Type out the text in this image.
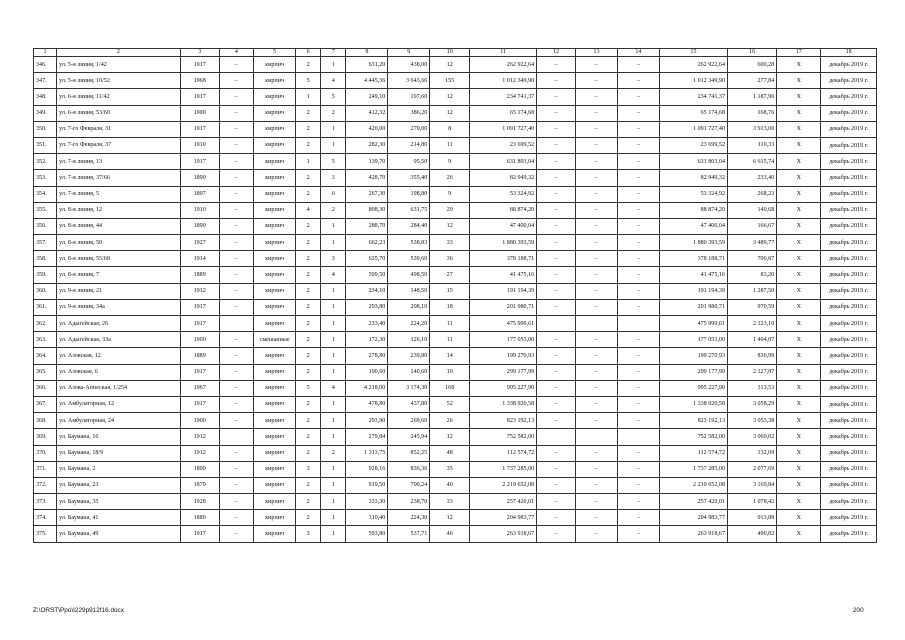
1	2	3	4	5	6	7	8	9	10	11	12	13	14	15	16	17	18
346.	ул. 5-я линия, 1/42	1917	–	кирпич	2	1	631,20	438,00	12	262 922,64	–	–	–	262 922,64	600,28	Х	декабрь 2019 г.
347.	ул. 5-я линия, 10/52	1968	–	кирпич	5	4	4 445,36	3 643,66	155	1 012 349,90	–	–	–	1 012 349,90	277,84	Х	декабрь 2019 г.
348.	ул. 6-я линия, 11/42	1917	–	кирпич	1	5	249,10	197,60	12	234 741,37	–	–	–	234 741,37	1 187,96	Х	декабрь 2019 г.
349.	ул. 6-я линия, 53/60	1900	–	кирпич	2	2	412,32	386,20	12	65 174,68	–	–	–	65 174,68	168,76	Х	декабрь 2019 г.
350.	ул. 7-го Февраля, 31	1917	–	кирпич	2	1	420,00	279,00	8	1 091 727,40	–	–	–	1 091 727,40	3 913,00	Х	декабрь 2019 г.
351.	ул. 7-го Февраля, 37	1910	–	кирпич	2	1	282,30	214,80	11	23 699,52	–	–	–	23 699,52	110,33	Х	декабрь 2019 г.
352.	ул. 7-я линия, 13	1917	–	кирпич	1	5	139,70	95,50	9	631 803,04	–	–	–	631 803,04	6 615,74	Х	декабрь 2019 г.
353.	ул. 7-я линия, 37/66	1890	–	кирпич	2	3	428,70	355,40	26	82 949,32	–	–	–	82 949,32	233,40	Х	декабрь 2019 г.
354.	ул. 7-я линия, 5	1897	–	кирпич	2	6	267,30	198,80	9	53 324,92	–	–	–	53 324,92	268,23	Х	декабрь 2019 г.
355.	ул. 8-я линия, 12	1910	–	кирпич	4	2	808,30	631,75	29	88 874,20	–	–	–	88 874,20	140,68	Х	декабрь 2019 г.
356.	ул. 8-я линия, 44	1890	–	кирпич	2	1	288,70	284,40	12	47 400,04	–	–	–	47 400,04	166,67	Х	декабрь 2019 г.
357.	ул. 8-я линия, 50	1927	–	кирпич	2	1	662,23	538,83	33	1 880 393,59	–	–	–	1 880 393,59	3 489,77	Х	декабрь 2019 г.
358.	ул. 8-я линия, 55/68	1914	–	кирпич	2	3	635,70	539,60	36	378 188,71	–	–	–	378 188,71	700,87	Х	декабрь 2019 г.
359.	ул. 8-я линия, 7	1889	–	кирпич	2	4	599,50	498,50	27	41 475,16	–	–	–	41 475,16	83,20	Х	декабрь 2019 г.
360.	ул. 9-я линия, 21	1912	–	кирпич	2	1	234,10	148,50	15	191 194,39	–	–	–	191 194,39	1 287,50	Х	декабрь 2019 г.
361.	ул. 9-я линия, 34а	1917	–	кирпич	2	1	293,80	208,10	18	201 980,71	–	–	–	201 980,71	970,59	Х	декабрь 2019 г.
362.	ул. Адыгейская, 26	1917		кирпич	2	1	233,40	224,20	11	475 999,61				475 999,61	2 123,10	Х	декабрь 2019 г.
363.	ул. Адыгейская, 33а	1900	–	смешанные	2	1	172,30	126,10	11	177 053,00	–	–	–	177 053,00	1 404,07	Х	декабрь 2019 г.
364.	ул. Азовская, 12	1889	–	кирпич	2	1	278,80	239,80	14	199 270,93	–	–	–	199 270,93	830,99	Х	декабрь 2019 г.
365.	ул. Азовская, 6	1917	–	кирпич	2	1	190,60	140,60	10	299 177,99	–	–	–	299 177,99	2 127,87	Х	декабрь 2019 г.
366.	ул. Азова-Аппеская, 1/254	1967	–	кирпич	5	4	4 218,00	3 174,30	168	995 227,90	–	–	–	995 227,90	313,53	Х	декабрь 2019 г.
367.	ул. Амбулаторная, 12	1917	–	кирпич	2	1	478,80	437,80	52	1 338 920,58	–	–	–	1 338 920,58	3 058,29	Х	декабрь 2019 г.
368.	ул. Амбулаторная, 24	1900	–	кирпич	2	1	293,90	269,60	26	823 192,13	–	–	–	823 192,13	3 053,38	Х	декабрь 2019 г.
369.	ул. Баумана, 16	1912		кирпич	2	1	279,84	245,94	12	752 582,00				752 582,00	3 060,02	Х	декабрь 2019 г.
370.	ул. Баумана, 18/9	1912	–	кирпич	2	2	1 313,75	852,25	48	112 574,72	–	–	–	112 574,72	132,09	Х	декабрь 2019 г.
371.	ул. Баумана, 2	1890	–	кирпич	3	1	928,16	836,36	35	1 737 285,00	–	–	–	1 737 285,00	2 077,69	Х	декабрь 2019 г.
372.	ул. Баумана, 23	1879	–	кирпич	2	1	919,50	700,24	40	2 219 652,08	–	–	–	2 219 652,08	3 169,84	Х	декабрь 2019 г.
373.	ул. Баумана, 35	1928	–	кирпич	2	1	333,30	238,70	33	257 420,01	–	–	–	257 420,01	1 078,42	Х	декабрь 2019 г.
374.	ул. Баумана, 41	1880	–	кирпич	2	1	310,40	224,30	12	204 983,77	–	–	–	204 983,77	913,88	Х	декабрь 2019 г.
375.	ул. Баумана, 49	1917	–	кирпич	3	1	593,80	537,71	46	263 918,67	–	–	–	263 918,67	490,82	Х	декабрь 2019 г.
Z:\ORST\Ppo\I229p912f16.docx	200
